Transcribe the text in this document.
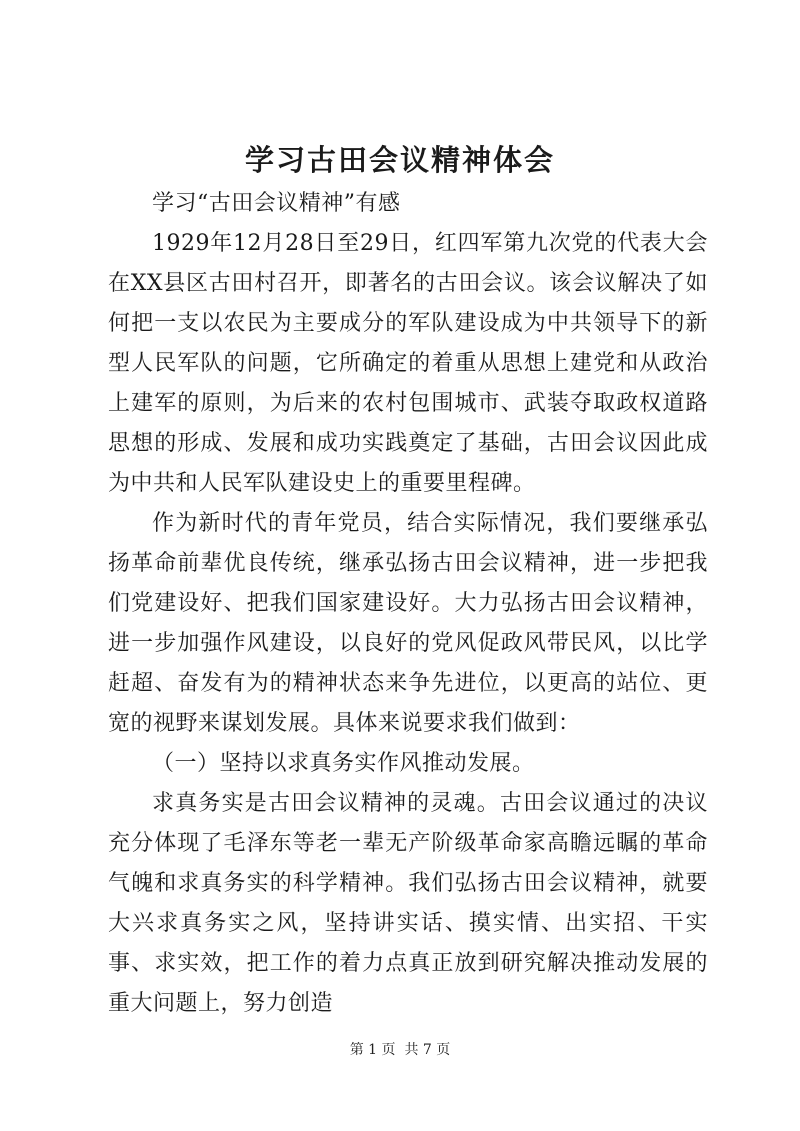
学习古田会议精神体会

学习“古田会议精神”有感

1929年12月28日至29日，红四军第九次党的代表大会在XX县区古田村召开，即著名的古田会议。该会议解决了如何把一支以农民为主要成分的军队建设成为中共领导下的新型人民军队的问题，它所确定的着重从思想上建党和从政治上建军的原则，为后来的农村包围城市、武装夺取政权道路思想的形成、发展和成功实践奠定了基础，古田会议因此成为中共和人民军队建设史上的重要里程碑。

作为新时代的青年党员，结合实际情况，我们要继承弘扬革命前辈优良传统，继承弘扬古田会议精神，进一步把我们党建设好、把我们国家建设好。大力弘扬古田会议精神，进一步加强作风建设，以良好的党风促政风带民风，以比学赶超、奋发有为的精神状态来争先进位，以更高的站位、更宽的视野来谋划发展。具体来说要求我们做到：

（一）坚持以求真务实作风推动发展。

求真务实是古田会议精神的灵魂。古田会议通过的决议充分体现了毛泽东等老一辈无产阶级革命家高瞻远瞩的革命气魄和求真务实的科学精神。我们弘扬古田会议精神，就要大兴求真务实之风，坚持讲实话、摸实情、出实招、干实事、求实效，把工作的着力点真正放到研究解决推动发展的重大问题上，努力创造

第 1 页  共 7 页
